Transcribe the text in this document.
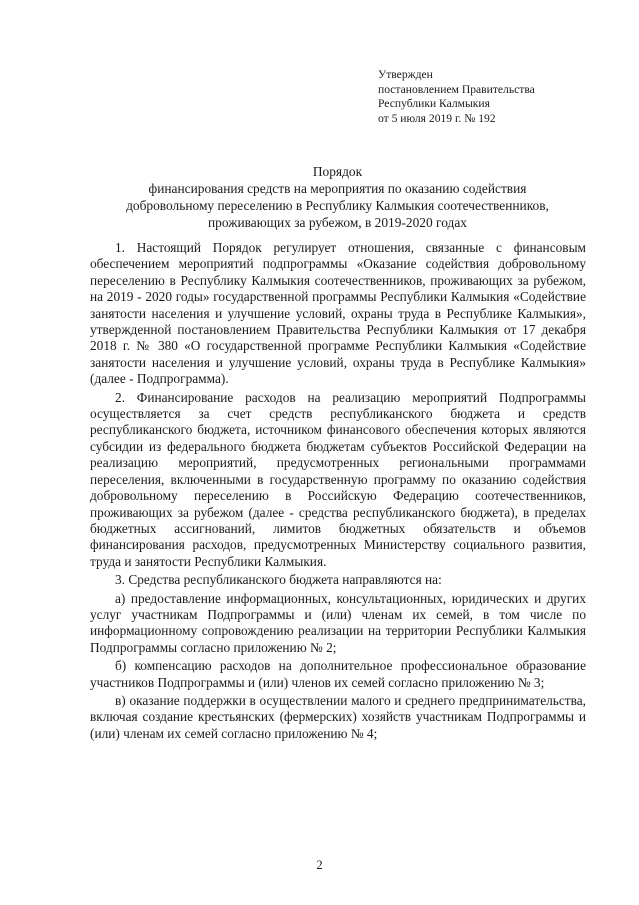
Утвержден
постановлением Правительства
Республики Калмыкия
от 5 июля 2019 г. № 192
Порядок
финансирования средств на мероприятия по оказанию содействия
добровольному переселению в Республику Калмыкия соотечественников,
проживающих за рубежом, в 2019-2020 годах

1. Настоящий Порядок регулирует отношения, связанные с финансовым обеспечением мероприятий подпрограммы «Оказание содействия добровольному переселению в Республику Калмыкия соотечественников, проживающих за рубежом, на 2019 - 2020 годы» государственной программы Республики Калмыкия «Содействие занятости населения и улучшение условий, охраны труда в Республике Калмыкия», утвержденной постановлением Правительства Республики Калмыкия от 17 декабря 2018 г. № 380 «О государственной программе Республики Калмыкия «Содействие занятости населения и улучшение условий, охраны труда в Республике Калмыкия» (далее - Подпрограмма).

2. Финансирование расходов на реализацию мероприятий Подпрограммы осуществляется за счет средств республиканского бюджета и средств республиканского бюджета, источником финансового обеспечения которых являются субсидии из федерального бюджета бюджетам субъектов Российской Федерации на реализацию мероприятий, предусмотренных региональными программами переселения, включенными в государственную программу по оказанию содействия добровольному переселению в Российскую Федерацию соотечественников, проживающих за рубежом (далее - средства республиканского бюджета), в пределах бюджетных ассигнований, лимитов бюджетных обязательств и объемов финансирования расходов, предусмотренных Министерству социального развития, труда и занятости Республики Калмыкия.

3. Средства республиканского бюджета направляются на:

а) предоставление информационных, консультационных, юридических и других услуг участникам Подпрограммы и (или) членам их семей, в том числе по информационному сопровождению реализации на территории Республики Калмыкия Подпрограммы согласно приложению № 2;

б) компенсацию расходов на дополнительное профессиональное образование участников Подпрограммы и (или) членов их семей согласно приложению № 3;

в) оказание поддержки в осуществлении малого и среднего предпринимательства, включая создание крестьянских (фермерских) хозяйств участникам Подпрограммы и (или) членам их семей согласно приложению № 4;

2
